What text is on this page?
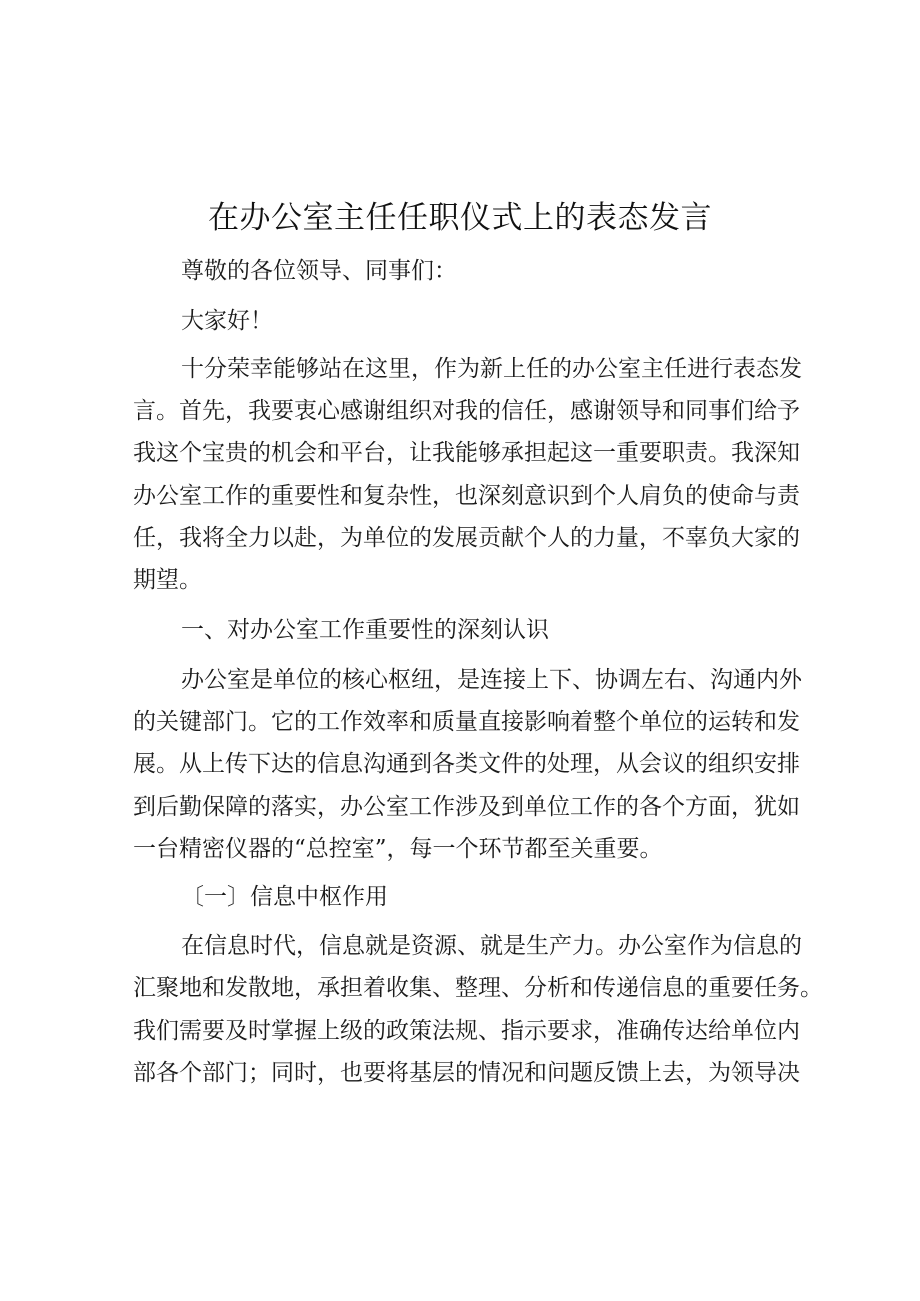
在办公室主任任职仪式上的表态发言

尊敬的各位领导、同事们：

大家好！

十分荣幸能够站在这里，作为新上任的办公室主任进行表态发

言。首先，我要衷心感谢组织对我的信任，感谢领导和同事们给予

我这个宝贵的机会和平台，让我能够承担起这一重要职责。我深知

办公室工作的重要性和复杂性，也深刻意识到个人肩负的使命与责

任，我将全力以赴，为单位的发展贡献个人的力量，不辜负大家的

期望。

一、对办公室工作重要性的深刻认识

办公室是单位的核心枢纽，是连接上下、协调左右、沟通内外

的关键部门。它的工作效率和质量直接影响着整个单位的运转和发

展。从上传下达的信息沟通到各类文件的处理，从会议的组织安排

到后勤保障的落实，办公室工作涉及到单位工作的各个方面，犹如

一台精密仪器的“总控室”，每一个环节都至关重要。

〔一〕信息中枢作用

在信息时代，信息就是资源、就是生产力。办公室作为信息的

汇聚地和发散地，承担着收集、整理、分析和传递信息的重要任务。

我们需要及时掌握上级的政策法规、指示要求，准确传达给单位内

部各个部门；同时，也要将基层的情况和问题反馈上去，为领导决
